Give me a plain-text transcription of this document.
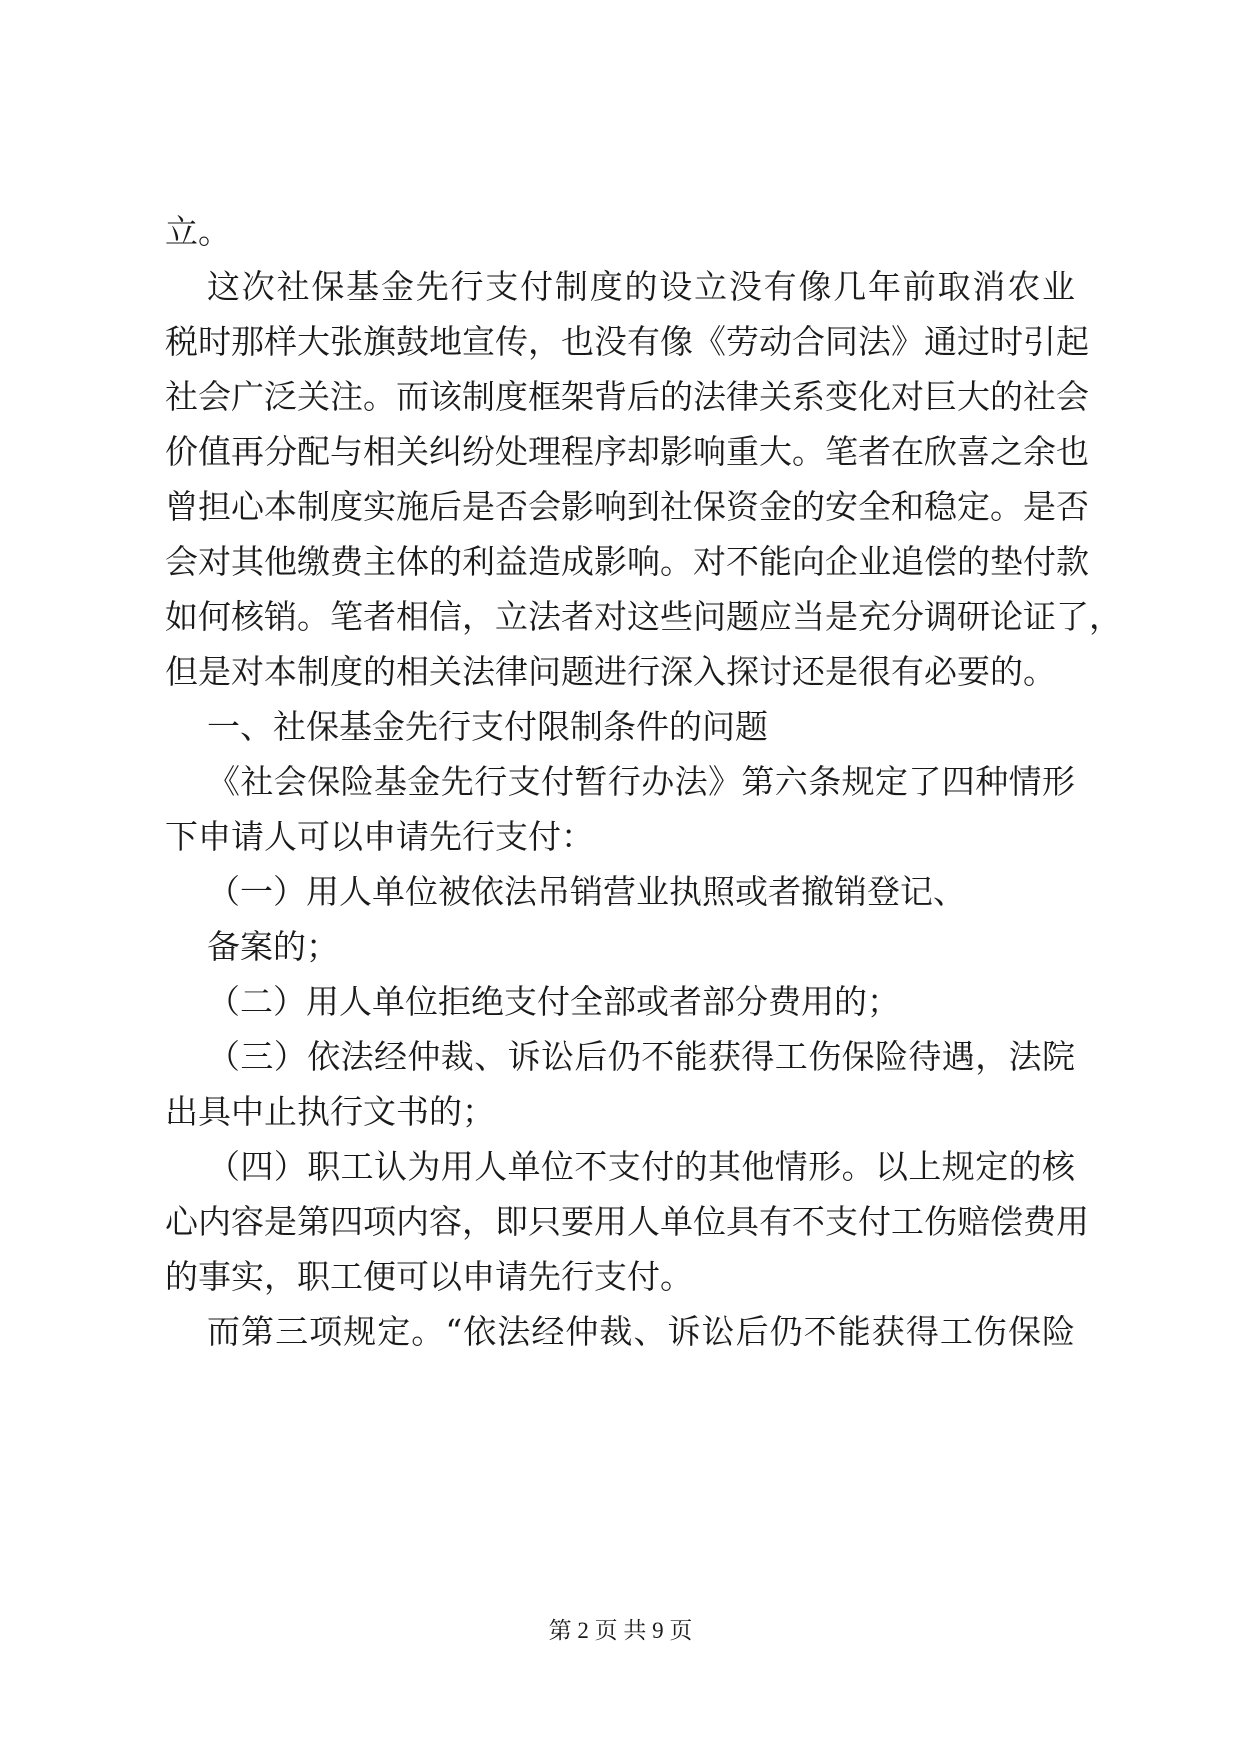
立。
这次社保基金先行支付制度的设立没有像几年前取消农业
税时那样大张旗鼓地宣传，也没有像《劳动合同法》通过时引起
社会广泛关注。而该制度框架背后的法律关系变化对巨大的社会
价值再分配与相关纠纷处理程序却影响重大。笔者在欣喜之余也
曾担心本制度实施后是否会影响到社保资金的安全和稳定。是否
会对其他缴费主体的利益造成影响。对不能向企业追偿的垫付款
如何核销。笔者相信，立法者对这些问题应当是充分调研论证了，
但是对本制度的相关法律问题进行深入探讨还是很有必要的。
一、社保基金先行支付限制条件的问题
《社会保险基金先行支付暂行办法》第六条规定了四种情形
下申请人可以申请先行支付：
（一）用人单位被依法吊销营业执照或者撤销登记、
备案的；
（二）用人单位拒绝支付全部或者部分费用的；
（三）依法经仲裁、诉讼后仍不能获得工伤保险待遇，法院
出具中止执行文书的；
（四）职工认为用人单位不支付的其他情形。以上规定的核
心内容是第四项内容，即只要用人单位具有不支付工伤赔偿费用
的事实，职工便可以申请先行支付。
而第三项规定。“依法经仲裁、诉讼后仍不能获得工伤保险
第 2 页 共 9 页
